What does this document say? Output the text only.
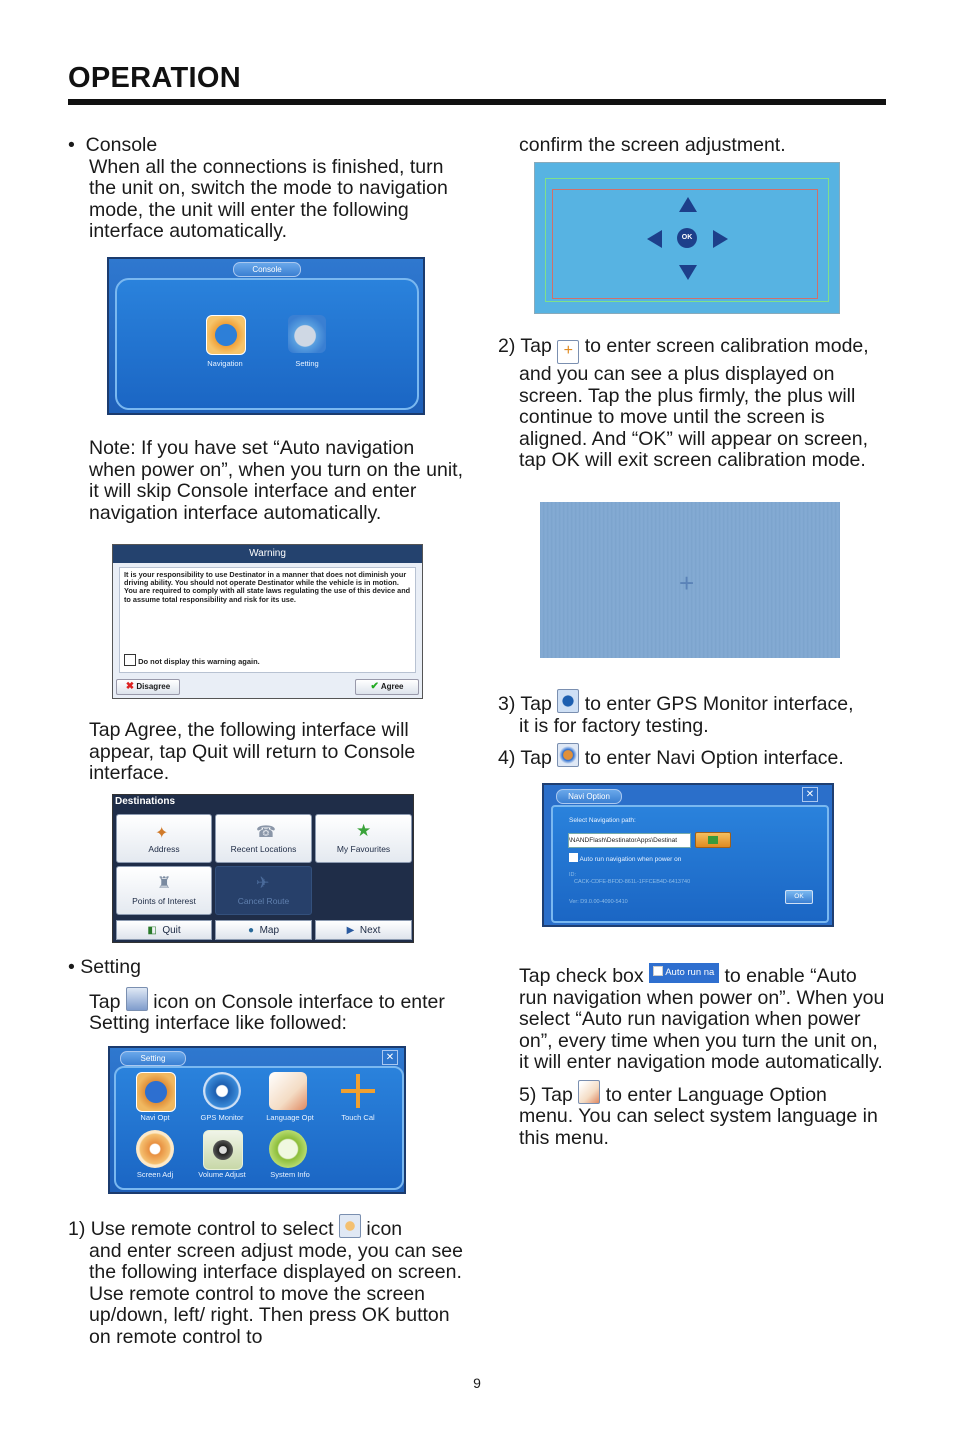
OPERATION

• Console

When all the connections is finished, turn the unit on, switch the mode to navigation mode, the unit will enter the following interface automatically.

Console
Navigation	Setting
Note: If you have set “Auto navigation when power on”, when you turn on the unit, it will skip Console interface and enter navigation interface automatically.
Warning
It is your responsibility to use Destinator in a manner that does not diminish your driving ability. You should not operate Destinator while the vehicle is in motion. You are required to comply with all state laws regulating the use of this device and to assume total responsibility and risk for its use.
Do not display this warning again.
✖ Disagree	✔ Agree
Tap Agree, the following interface will appear, tap Quit will return to Console interface.
Destinations
✦
Address
☎
Recent Locations
★
My Favourites
♜
Points of Interest
✈
Cancel Route
◧ Quit	● Map	▶ Next

• Setting

Tap icon on Console interface to enter Setting interface like followed:

Setting	✕
Navi Opt	GPS Monitor	Language Opt	Touch Cal
Screen Adj	Volume Adjust	System Info

1) Use remote control to select icon

and enter screen adjust mode, you can see the following interface displayed on screen. Use remote control to move the screen up/down, left/ right. Then press OK button on remote control to

confirm the screen adjustment.
OK

2) Tap + to enter screen calibration mode,

and you can see a plus displayed on screen. Tap the plus firmly, the plus will continue to move until the screen is aligned. And “OK” will appear on screen, tap OK will exit screen calibration mode.

+

3) Tap to enter GPS Monitor interface,

it is for factory testing.

4) Tap to enter Navi Option interface.

Navi Option	✕
Select Navigation path:
\NANDFlash\DestinatorApps\Destinat
Auto run navigation when power on
ID:
CACK-CDFE-BFDD-861L-1FFCEB4D-6413740
Ver: D9.0.00-4090-5410
OK

Tap check box Auto run na to enable “Auto

run navigation when power on”. When you select “Auto run navigation when power on”, every time when you turn the unit on, it will enter navigation mode automatically.

5) Tap to enter Language Option

menu. You can select system language in this menu.

9
